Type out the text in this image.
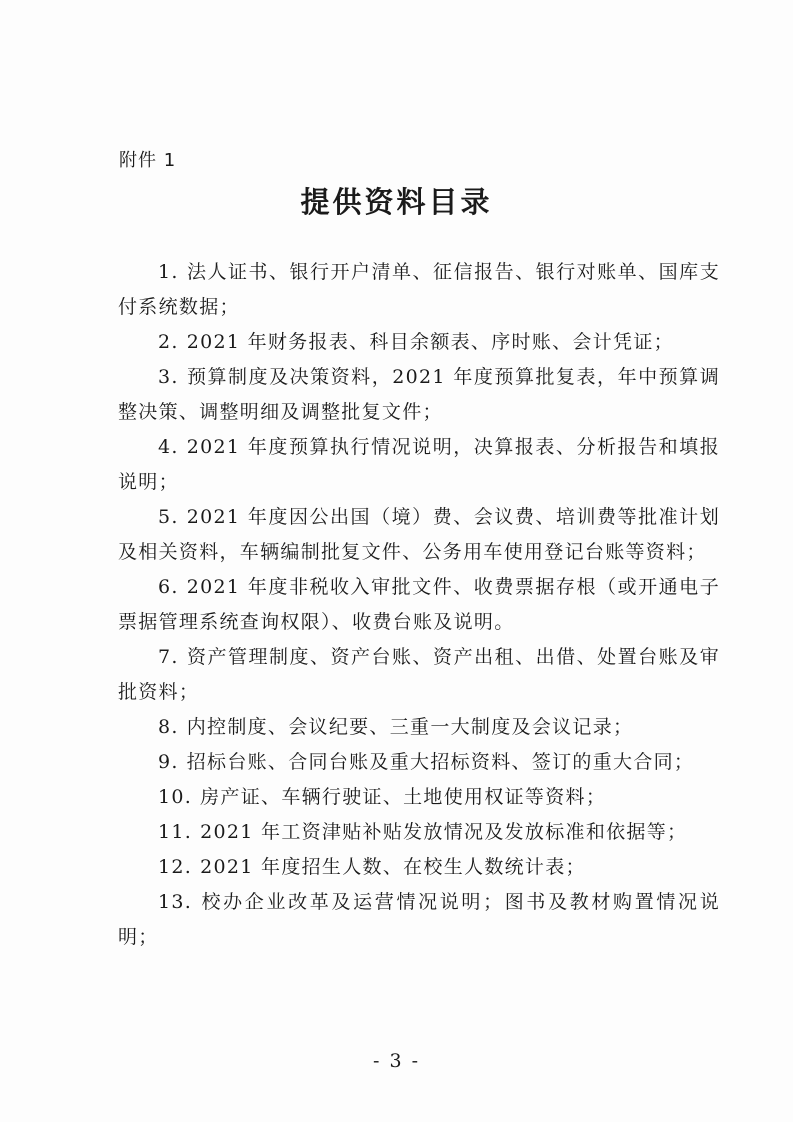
附件 1
提供资料目录

1. 法人证书、银行开户清单、征信报告、银行对账单、国库支付系统数据；

2. 2021 年财务报表、科目余额表、序时账、会计凭证；

3. 预算制度及决策资料，2021 年度预算批复表，年中预算调整决策、调整明细及调整批复文件；

4. 2021 年度预算执行情况说明，决算报表、分析报告和填报说明；

5. 2021 年度因公出国（境）费、会议费、培训费等批准计划及相关资料，车辆编制批复文件、公务用车使用登记台账等资料；

6. 2021 年度非税收入审批文件、收费票据存根（或开通电子票据管理系统查询权限）、收费台账及说明。

7. 资产管理制度、资产台账、资产出租、出借、处置台账及审批资料；

8. 内控制度、会议纪要、三重一大制度及会议记录；

9. 招标台账、合同台账及重大招标资料、签订的重大合同；

10. 房产证、车辆行驶证、土地使用权证等资料；

11. 2021 年工资津贴补贴发放情况及发放标准和依据等；

12. 2021 年度招生人数、在校生人数统计表；

13. 校办企业改革及运营情况说明；图书及教材购置情况说明；

- 3 -
